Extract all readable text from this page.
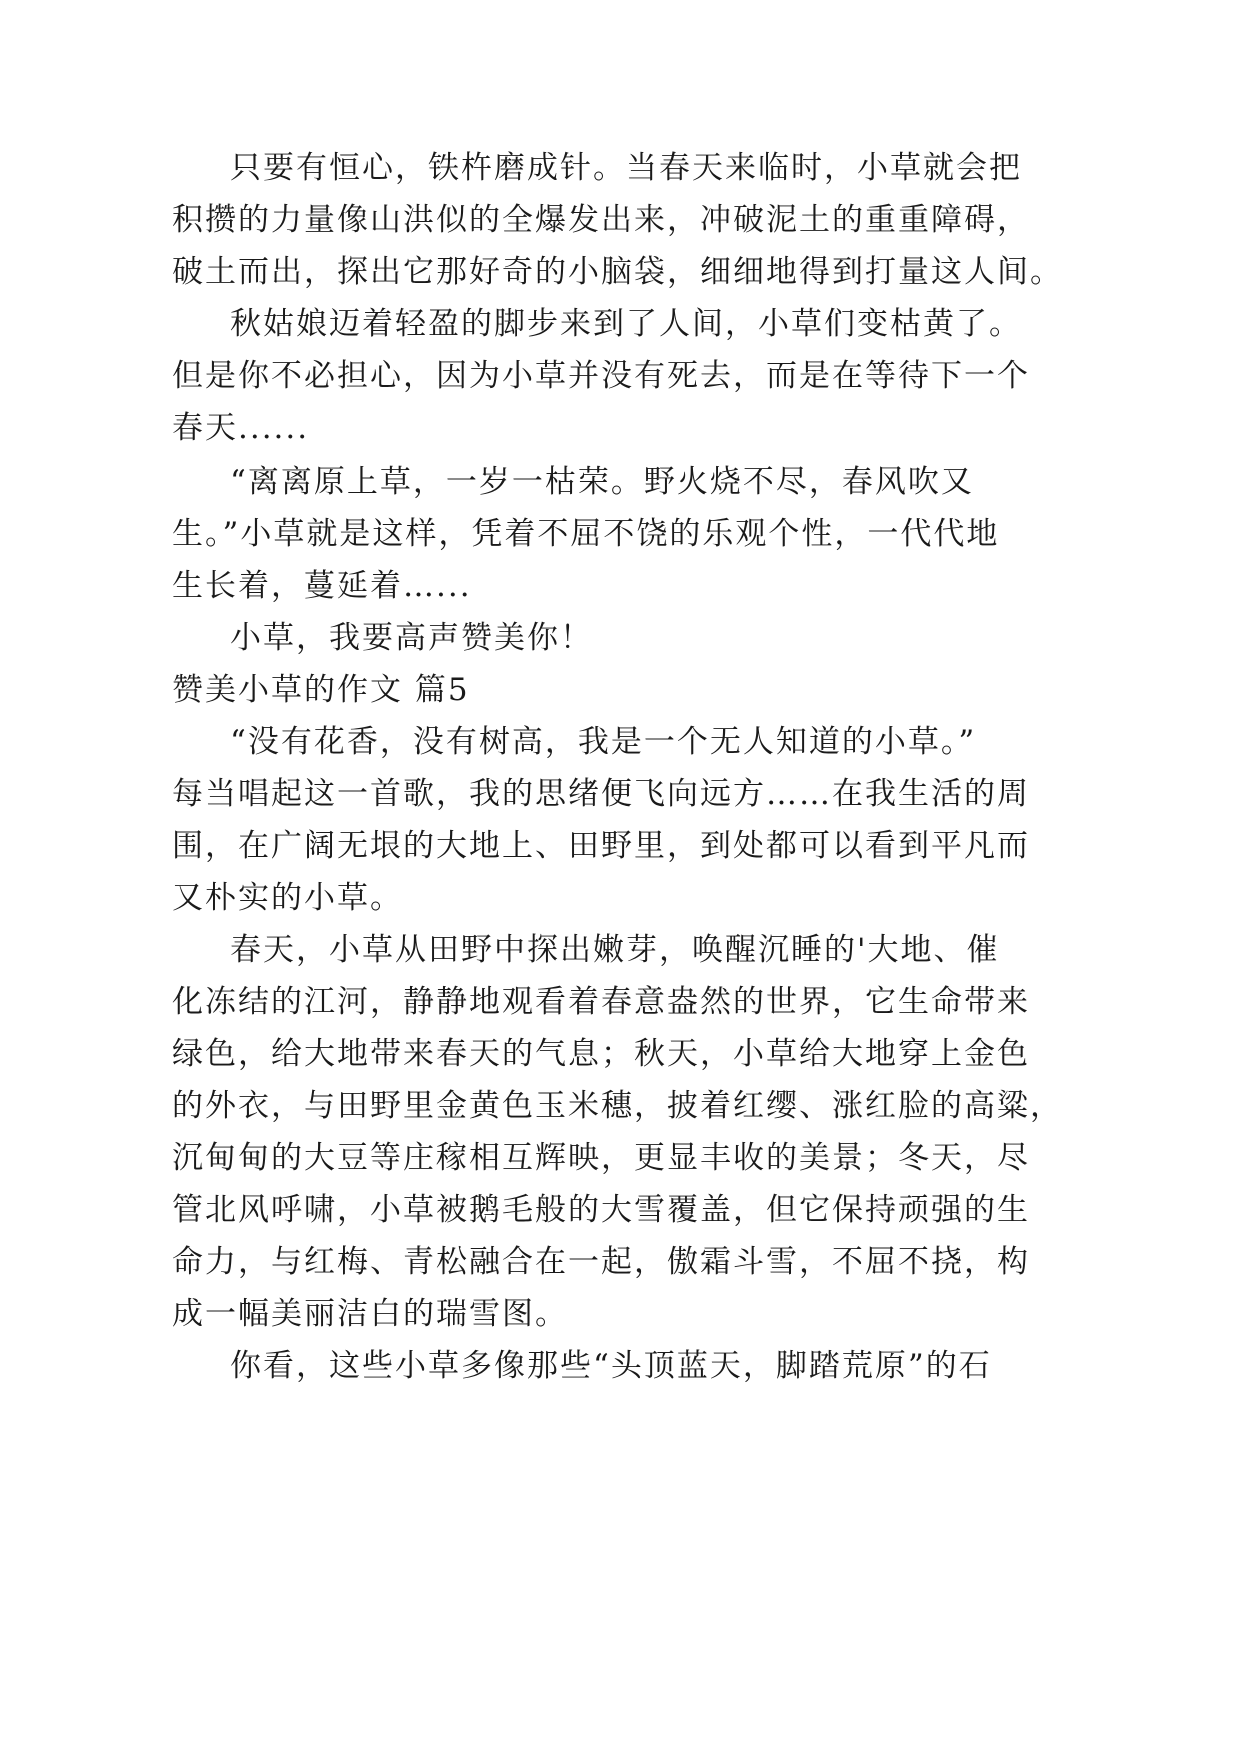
只要有恒心，铁杵磨成针。当春天来临时，小草就会把
积攒的力量像山洪似的全爆发出来，冲破泥土的重重障碍，
破土而出，探出它那好奇的小脑袋，细细地得到打量这人间。
秋姑娘迈着轻盈的脚步来到了人间，小草们变枯黄了。
但是你不必担心，因为小草并没有死去，而是在等待下一个
春天......
“离离原上草，一岁一枯荣。野火烧不尽，春风吹又
生。”小草就是这样，凭着不屈不饶的乐观个性，一代代地
生长着，蔓延着…...
小草，我要高声赞美你！
赞美小草的作文 篇5
“没有花香，没有树高，我是一个无人知道的小草。”
每当唱起这一首歌，我的思绪便飞向远方……在我生活的周
围，在广阔无垠的大地上、田野里，到处都可以看到平凡而
又朴实的小草。
春天，小草从田野中探出嫩芽，唤醒沉睡的'大地、催
化冻结的江河，静静地观看着春意盎然的世界，它生命带来
绿色，给大地带来春天的气息；秋天，小草给大地穿上金色
的外衣，与田野里金黄色玉米穗，披着红缨、涨红脸的高粱，
沉甸甸的大豆等庄稼相互辉映，更显丰收的美景；冬天，尽
管北风呼啸，小草被鹅毛般的大雪覆盖，但它保持顽强的生
命力，与红梅、青松融合在一起，傲霜斗雪，不屈不挠，构
成一幅美丽洁白的瑞雪图。
你看，这些小草多像那些“头顶蓝天，脚踏荒原”的石
